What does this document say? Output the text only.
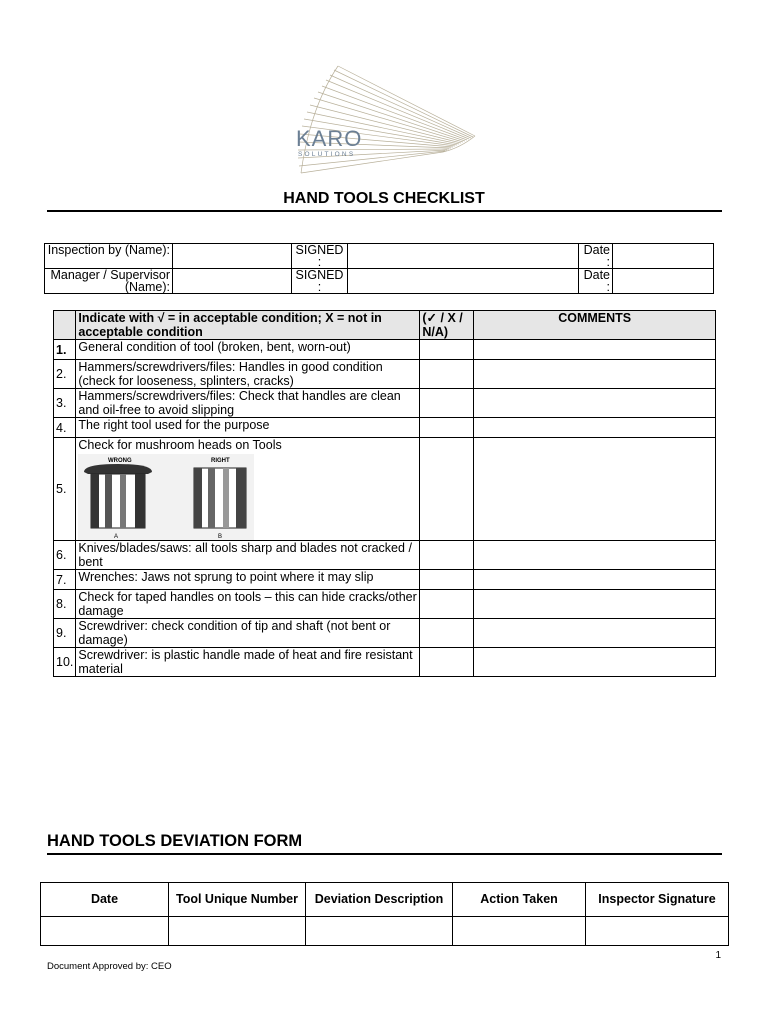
KARO
SOLUTIONS
HAND TOOLS CHECKLIST
Inspection by (Name):		SIGNED :		Date :	
Manager / Supervisor (Name):		SIGNED :		Date :	
	Indicate with √ = in acceptable condition; X = not in acceptable condition	(✓ / X / N/A)	COMMENTS
1.	General condition of tool (broken, bent, worn-out)		
2.	Hammers/screwdrivers/files: Handles in good condition (check for looseness, splinters, cracks)		
3.	Hammers/screwdrivers/files: Check that handles are clean and oil-free to avoid slipping		
4.	The right tool used for the purpose		
5.	Check for mushroom heads on Tools
WRONG RIGHT
A B		

6.	Knives/blades/saws: all tools sharp and blades not cracked / bent		
7.	Wrenches: Jaws not sprung to point where it may slip		
8.	Check for taped handles on tools – this can hide cracks/other damage		
9.	Screwdriver: check condition of tip and shaft (not bent or damage)		
10.	Screwdriver: is plastic handle made of heat and fire resistant material		
HAND TOOLS DEVIATION FORM
Date	Tool Unique Number	Deviation Description	Action Taken	Inspector Signature

1
Document Approved by: CEO
